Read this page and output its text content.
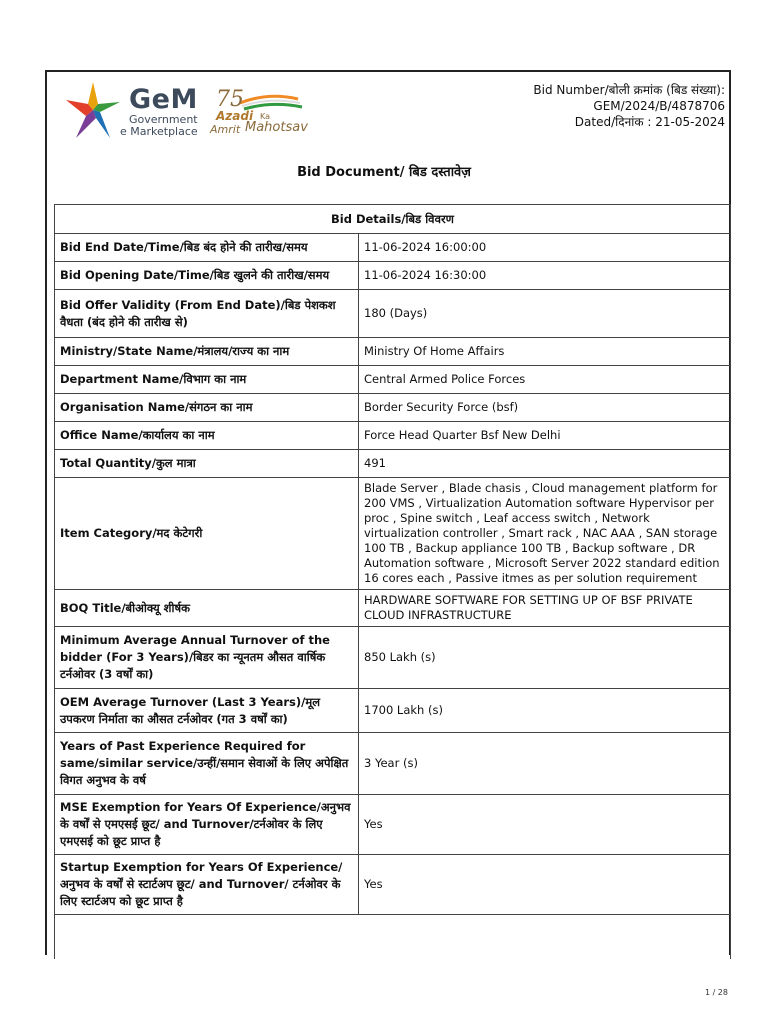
GeM
Government
e Marketplace
75
Azadi Ka
Amrit Mahotsav
Bid Number/बोली क्रमांक (बिड संख्या):
GEM/2024/B/4878706
Dated/दिनांक : 21-05-2024
Bid Document/ बिड दस्तावेज़
Bid Details/बिड विवरण	
Bid End Date/Time/बिड बंद होने की तारीख/समय	11-06-2024 16:00:00
Bid Opening Date/Time/बिड खुलने की तारीख/समय	11-06-2024 16:30:00
Bid Offer Validity (From End Date)/बिड पेशकश वैधता (बंद होने की तारीख से)	180 (Days)
Ministry/State Name/मंत्रालय/राज्य का नाम	Ministry Of Home Affairs
Department Name/विभाग का नाम	Central Armed Police Forces
Organisation Name/संगठन का नाम	Border Security Force (bsf)
Office Name/कार्यालय का नाम	Force Head Quarter Bsf New Delhi
Total Quantity/कुल मात्रा	491
Item Category/मद केटेगरी	Blade Server , Blade chasis , Cloud management platform for 200 VMS , Virtualization Automation software Hypervisor per proc , Spine switch , Leaf access switch , Network virtualization controller , Smart rack , NAC AAA , SAN storage 100 TB , Backup appliance 100 TB , Backup software , DR Automation software , Microsoft Server 2022 standard edition 16 cores each , Passive itmes as per solution requirement
BOQ Title/बीओक्यू शीर्षक	HARDWARE SOFTWARE FOR SETTING UP OF BSF PRIVATE CLOUD INFRASTRUCTURE
Minimum Average Annual Turnover of the bidder (For 3 Years)/बिडर का न्यूनतम औसत वार्षिक टर्नओवर (3 वर्षों का)	850 Lakh (s)
OEM Average Turnover (Last 3 Years)/मूल उपकरण निर्माता का औसत टर्नओवर (गत 3 वर्षों का)	1700 Lakh (s)
Years of Past Experience Required for same/similar service/उन्हीं/समान सेवाओं के लिए अपेक्षित विगत अनुभव के वर्ष	3 Year (s)
MSE Exemption for Years Of Experience/अनुभव के वर्षों से एमएसई छूट/ and Turnover/टर्नओवर के लिए एमएसई को छूट प्राप्त है	Yes
Startup Exemption for Years Of Experience/अनुभव के वर्षों से स्टार्टअप छूट/ and Turnover/ टर्नओवर के लिए स्टार्टअप को छूट प्राप्त है	Yes
1 / 28
